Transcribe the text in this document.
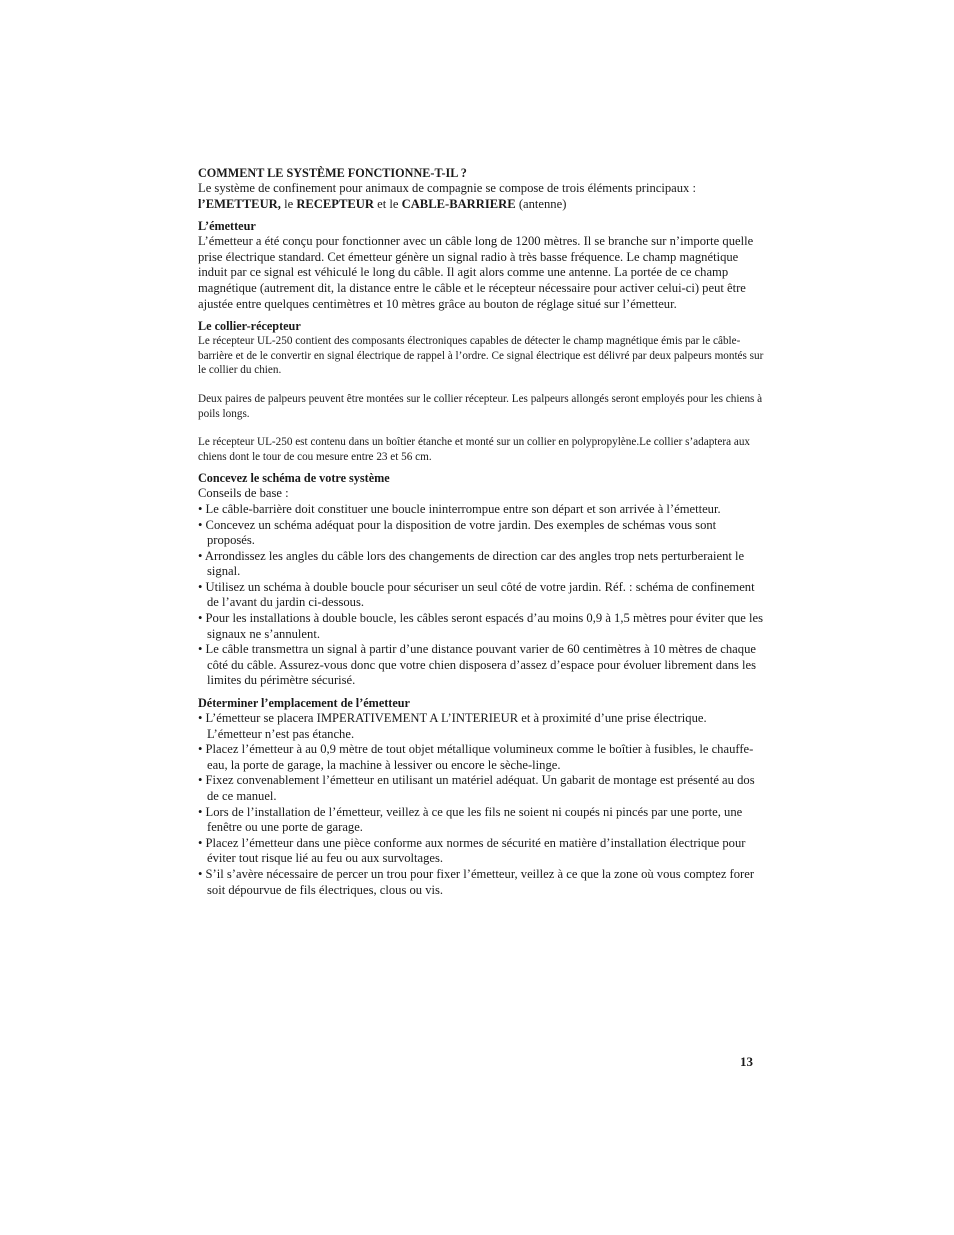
COMMENT LE SYSTÈME FONCTIONNE-T-IL ?

Le système de confinement pour animaux de compagnie se compose de trois éléments principaux :
l’EMETTEUR, le RECEPTEUR et le CABLE-BARRIERE (antenne)

L’émetteur

L’émetteur a été conçu pour fonctionner avec un câble long de 1200 mètres. Il se branche sur n’importe quelle prise électrique standard. Cet émetteur génère un signal radio à très basse fréquence. Le champ magnétique induit par ce signal est véhiculé le long du câble. Il agit alors comme une antenne. La portée de ce champ magnétique (autrement dit, la distance entre le câble et le récepteur nécessaire pour activer celui-ci) peut être ajustée entre quelques centimètres et 10 mètres grâce au bouton de réglage situé sur l’émetteur.

Le collier-récepteur

Le récepteur UL-250 contient des composants électroniques capables de détecter le champ magnétique émis par le câble-barrière et de le convertir en signal électrique de rappel à l’ordre. Ce signal électrique est délivré par deux palpeurs montés sur le collier du chien.

Deux paires de palpeurs peuvent être montées sur le collier récepteur. Les palpeurs allongés seront employés pour les chiens à poils longs.

Le récepteur UL-250 est contenu dans un boîtier étanche et monté sur un collier en polypropylène.Le collier s’adaptera aux chiens dont le tour de cou mesure entre 23 et 56 cm.

Concevez le schéma de votre système

Conseils de base :

• Le câble-barrière doit constituer une boucle ininterrompue entre son départ et son arrivée à l’émetteur.
• Concevez un schéma adéquat pour la disposition de votre jardin. Des exemples de schémas vous sont proposés.
• Arrondissez les angles du câble lors des changements de direction car des angles trop nets perturberaient le signal.
• Utilisez un schéma à double boucle pour sécuriser un seul côté de votre jardin. Réf. : schéma de confinement de l’avant du jardin ci-dessous.
• Pour les installations à double boucle, les câbles seront espacés d’au moins 0,9 à 1,5 mètres pour éviter que les signaux ne s’annulent.
• Le câble transmettra un signal à partir d’une distance pouvant varier de 60 centimètres à 10 mètres de chaque côté du câble. Assurez-vous donc que votre chien disposera d’assez d’espace pour évoluer librement dans les limites du périmètre sécurisé.

Déterminer l’emplacement de l’émetteur

• L’émetteur se placera IMPERATIVEMENT A L’INTERIEUR et à proximité d’une prise électrique. L’émetteur n’est pas étanche.
• Placez l’émetteur à au 0,9 mètre de tout objet métallique volumineux comme le boîtier à fusibles, le chauffe-eau, la porte de garage, la machine à lessiver ou encore le sèche-linge.
• Fixez convenablement l’émetteur en utilisant un matériel adéquat. Un gabarit de montage est présenté au dos de ce manuel.
• Lors de l’installation de l’émetteur, veillez à ce que les fils ne soient ni coupés ni pincés par une porte, une fenêtre ou une porte de garage.
• Placez l’émetteur dans une pièce conforme aux normes de sécurité en matière d’installation électrique pour éviter tout risque lié au feu ou aux survoltages.
• S’il s’avère nécessaire de percer un trou pour fixer l’émetteur, veillez à ce que la zone où vous comptez forer soit dépourvue de fils électriques, clous ou vis.
13
